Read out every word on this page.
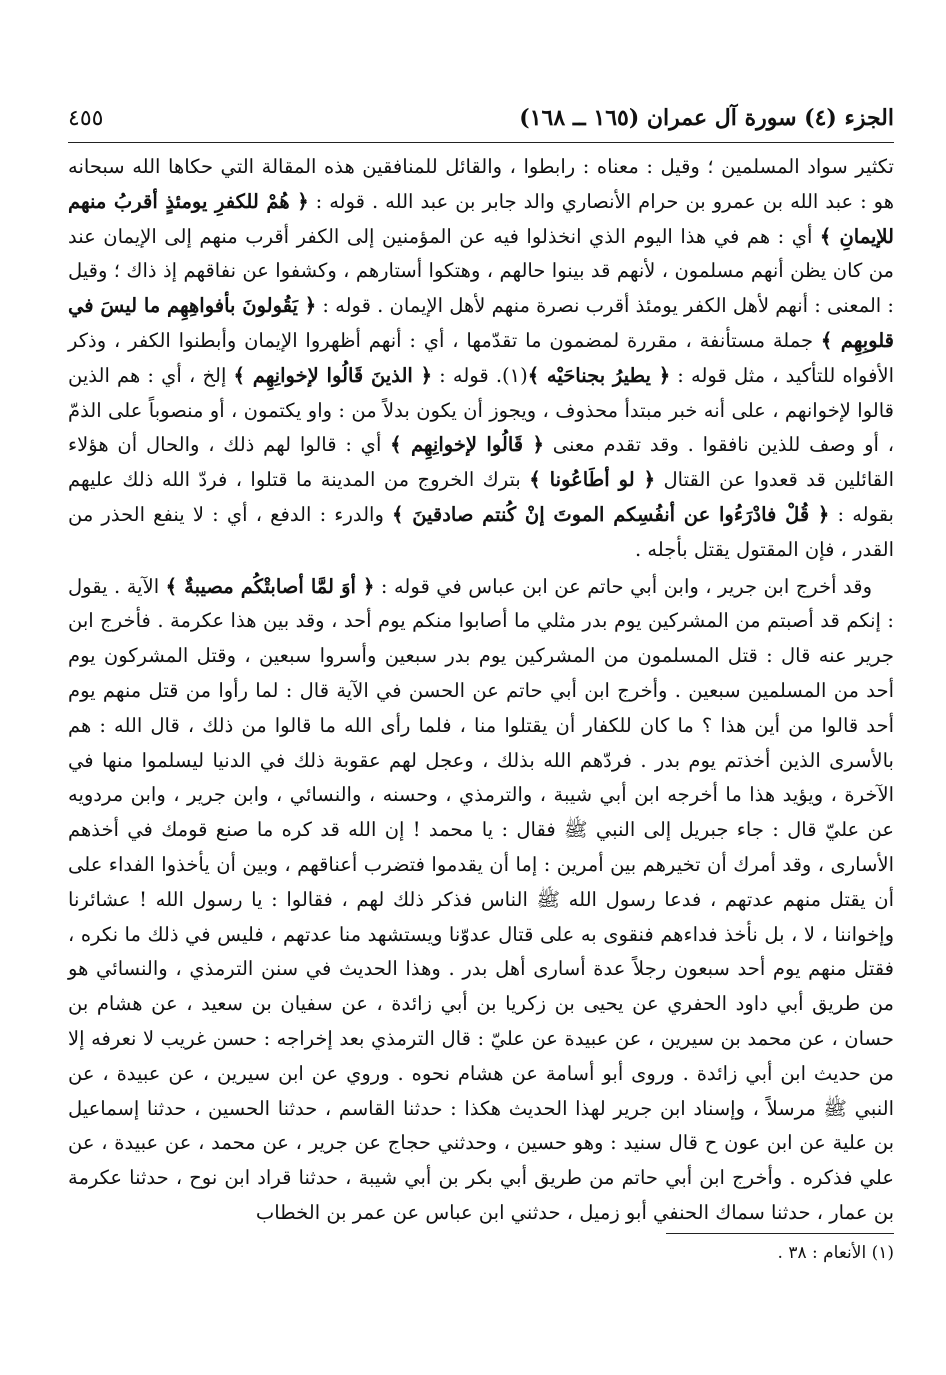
الجزء (٤) سورة آل عمران (١٦٥ ــ ١٦٨)
٤٥٥

تكثير سواد المسلمين ؛ وقيل : معناه : رابطوا ، والقائل للمنافقين هذه المقالة التي حكاها الله سبحانه هو : عبد الله بن عمرو بن حرام الأنصاري والد جابر بن عبد الله . قوله : ﴿ هُمْ للكفرِ يومئذٍ أقربُ منهم للإيمانِ ﴾ أي : هم في هذا اليوم الذي انخذلوا فيه عن المؤمنين إلى الكفر أقرب منهم إلى الإيمان عند من كان يظن أنهم مسلمون ، لأنهم قد بينوا حالهم ، وهتكوا أستارهم ، وكشفوا عن نفاقهم إذ ذاك ؛ وقيل : المعنى : أنهم لأهل الكفر يومئذ أقرب نصرة منهم لأهل الإيمان . قوله : ﴿ يَقُولونَ بأفواهِهِم ما ليسَ في قلوبِهِم ﴾ جملة مستأنفة ، مقررة لمضمون ما تقدّمها ، أي : أنهم أظهروا الإيمان وأبطنوا الكفر ، وذكر الأفواه للتأكيد ، مثل قوله : ﴿ يطيرُ بجناحَيْه ﴾(١). قوله : ﴿ الذينَ قَالُوا لإخوانِهِم ﴾ إلخ ، أي : هم الذين قالوا لإخوانهم ، على أنه خبر مبتدأ محذوف ، ويجوز أن يكون بدلاً من : واو يكتمون ، أو منصوباً على الذمّ ، أو وصف للذين نافقوا . وقد تقدم معنى ﴿ قَالُوا لإخوانِهِم ﴾ أي : قالوا لهم ذلك ، والحال أن هؤلاء القائلين قد قعدوا عن القتال ﴿ لو أطَاعُونا ﴾ بترك الخروج من المدينة ما قتلوا ، فردّ الله ذلك عليهم بقوله : ﴿ قُلْ فادْرَءُوا عن أنفُسِكم الموتَ إنْ كُنتم صادقينَ ﴾ والدرء : الدفع ، أي : لا ينفع الحذر من القدر ، فإن المقتول يقتل بأجله .

وقد أخرج ابن جرير ، وابن أبي حاتم عن ابن عباس في قوله : ﴿ أوَ لمَّا أصابتْكُم مصيبةٌ ﴾ الآية . يقول : إنكم قد أصبتم من المشركين يوم بدر مثلي ما أصابوا منكم يوم أحد ، وقد بين هذا عكرمة . فأخرج ابن جرير عنه قال : قتل المسلمون من المشركين يوم بدر سبعين وأسروا سبعين ، وقتل المشركون يوم أحد من المسلمين سبعين . وأخرج ابن أبي حاتم عن الحسن في الآية قال : لما رأوا من قتل منهم يوم أحد قالوا من أين هذا ؟ ما كان للكفار أن يقتلوا منا ، فلما رأى الله ما قالوا من ذلك ، قال الله : هم بالأسرى الذين أخذتم يوم بدر . فردّهم الله بذلك ، وعجل لهم عقوبة ذلك في الدنيا ليسلموا منها في الآخرة ، ويؤيد هذا ما أخرجه ابن أبي شيبة ، والترمذي ، وحسنه ، والنسائي ، وابن جرير ، وابن مردويه عن عليّ قال : جاء جبريل إلى النبي ﷺ فقال : يا محمد ! إن الله قد كره ما صنع قومك في أخذهم الأسارى ، وقد أمرك أن تخيرهم بين أمرين : إما أن يقدموا فتضرب أعناقهم ، وبين أن يأخذوا الفداء على أن يقتل منهم عدتهم ، فدعا رسول الله ﷺ الناس فذكر ذلك لهم ، فقالوا : يا رسول الله ! عشائرنا وإخواننا ، لا ، بل نأخذ فداءهم فنقوى به على قتال عدوّنا ويستشهد منا عدتهم ، فليس في ذلك ما نكره ، فقتل منهم يوم أحد سبعون رجلاً عدة أسارى أهل بدر . وهذا الحديث في سنن الترمذي ، والنسائي هو من طريق أبي داود الحفري عن يحيى بن زكريا بن أبي زائدة ، عن سفيان بن سعيد ، عن هشام بن حسان ، عن محمد بن سيرين ، عن عبيدة عن عليّ : قال الترمذي بعد إخراجه : حسن غريب لا نعرفه إلا من حديث ابن أبي زائدة . وروى أبو أسامة عن هشام نحوه . وروي عن ابن سيرين ، عن عبيدة ، عن النبي ﷺ مرسلاً ، وإسناد ابن جرير لهذا الحديث هكذا : حدثنا القاسم ، حدثنا الحسين ، حدثنا إسماعيل بن علية عن ابن عون ح قال سنيد : وهو حسين ، وحدثني حجاج عن جرير ، عن محمد ، عن عبيدة ، عن علي فذكره . وأخرج ابن أبي حاتم من طريق أبي بكر بن أبي شيبة ، حدثنا قراد ابن نوح ، حدثنا عكرمة بن عمار ، حدثنا سماك الحنفي أبو زميل ، حدثني ابن عباس عن عمر بن الخطاب

(١) الأنعام : ٣٨ .
